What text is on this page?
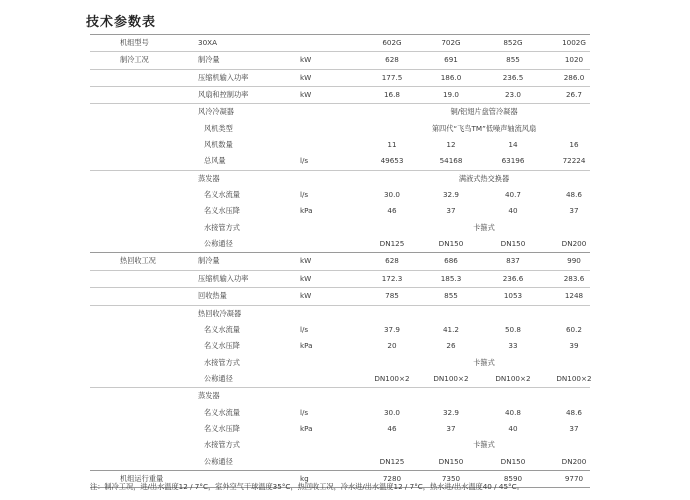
技术参数表
机组型号	30XA	602G	702G	852G	1002G
制冷工况	制冷量	kW	628	691	855	1020
压缩机输入功率	kW	177.5	186.0	236.5	286.0
风扇和控制功率	kW	16.8	19.0	23.0	26.7
风冷冷凝器	铜/铝翅片盘管冷凝器
风机类型	第四代“飞鸟TM”低噪声轴流风扇
风机数量	11	12	14	16
总风量	l/s	49653	54168	63196	72224
蒸发器	满液式热交换器
名义水流量	l/s	30.0	32.9	40.7	48.6
名义水压降	kPa	46	37	40	37
水接管方式	卡箍式
公称通径	DN125	DN150	DN150	DN200
热回收工况	制冷量	kW	628	686	837	990
压缩机输入功率	kW	172.3	185.3	236.6	283.6
回收热量	kW	785	855	1053	1248
热回收冷凝器
名义水流量	l/s	37.9	41.2	50.8	60.2
名义水压降	kPa	20	26	33	39
水接管方式	卡箍式
公称通径	DN100×2	DN100×2	DN100×2	DN100×2
蒸发器
名义水流量	l/s	30.0	32.9	40.8	48.6
名义水压降	kPa	46	37	40	37
水接管方式	卡箍式
公称通径	DN125	DN150	DN150	DN200
机组运行重量	kg	7280	7350	8590	9770
注：制冷工况，进/出水温度12 / 7°C，室外空气干球温度35°C，热回收工况，冷水进/出水温度12 / 7°C，热水进/出水温度40 / 45°C。
